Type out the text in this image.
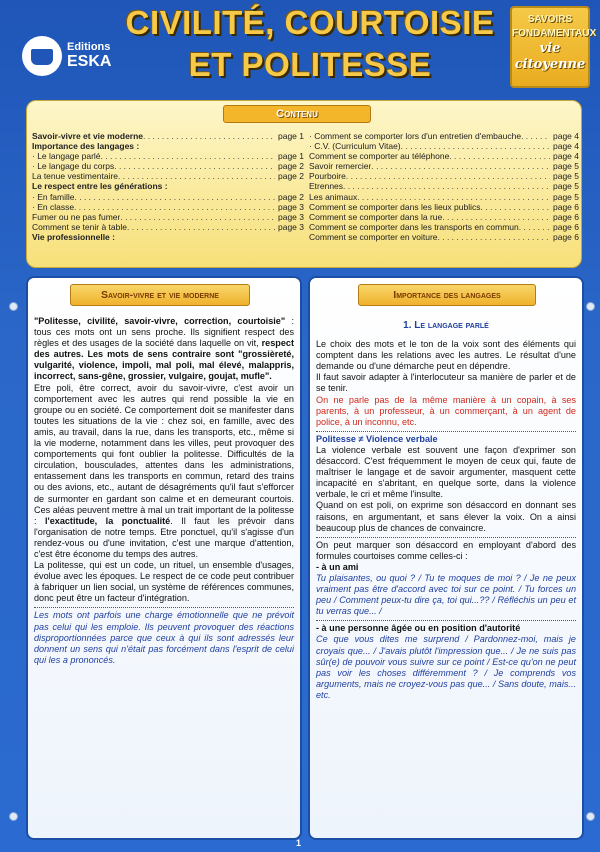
Editions
ESKA
CIVILITÉ, COURTOISIE
ET POLITESSE
SAVOIRS
FONDAMENTAUX
vie
citoyenne
Contenu
Savoir-vivre et vie moderne . . .	page 1
Importance des langages :
· Le langage parlé . . .	page 1
· Le langage du corps . . .	page 2
La tenue vestimentaire . . .	page 2
Le respect entre les générations :
· En famille . . .	page 2
· En classe . . .	page 3
Fumer ou ne pas fumer . . .	page 3
Comment se tenir à table . . .	page 3
Vie professionnelle :
· Comment se comporter lors d'un entretien d'embauche . . .	page 4
· C.V. (Curriculum Vitae) . . .	page 4
Comment se comporter au téléphone . . .	page 4
Savoir remercier . . .	page 5
Pourboire . . .	page 5
Etrennes . . .	page 5
Les animaux . . .	page 5
Comment se comporter dans les lieux publics . . .	page 6
Comment se comporter dans la rue . . .	page 6
Comment se comporter dans les transports en commun . . .	page 6
Comment se comporter en voiture . . .	page 6
Savoir-vivre et vie moderne

"Politesse, civilité, savoir-vivre, correction, courtoisie" : tous ces mots ont un sens proche. Ils signifient respect des règles et des usages de la société dans laquelle on vit, respect des autres. Les mots de sens contraire sont "grossièreté, vulgarité, violence, impoli, mal poli, mal élevé, malappris, incorrect, sans-gêne, grossier, vulgaire, goujat, mufle".

Etre poli, être correct, avoir du savoir-vivre, c'est avoir un comportement avec les autres qui rend possible la vie en groupe ou en société. Ce comportement doit se manifester dans toutes les situations de la vie : chez soi, en famille, avec des amis, au travail, dans la rue, dans les transports, etc., même si la vie moderne, notamment dans les villes, peut provoquer des comportements qui font oublier la politesse. Difficultés de la circulation, bousculades, attentes dans les administrations, entassement dans les transports en commun, retard des trains ou des avions, etc., autant de désagréments qu'il faut s'efforcer de surmonter en gardant son calme et en demeurant courtois. Ces aléas peuvent mettre à mal un trait important de la politesse : l'exactitude, la ponctualité. Il faut les prévoir dans l'organisation de notre temps. Etre ponctuel, qu'il s'agisse d'un rendez-vous ou d'une invitation, c'est une marque d'attention, c'est être économe du temps des autres.

La politesse, qui est un code, un rituel, un ensemble d'usages, évolue avec les époques. Le respect de ce code peut contribuer à fabriquer un lien social, un système de références communes, donc peut être un facteur d'intégration.

Les mots ont parfois une charge émotionnelle que ne prévoit pas celui qui les emploie. Ils peuvent provoquer des réactions disproportionnées parce que ceux à qui ils sont adressés leur donnent un sens qui n'était pas forcément dans l'esprit de celui qui les a prononcés.

Importance des langages

1. Le langage parlé

Le choix des mots et le ton de la voix sont des éléments qui comptent dans les relations avec les autres. Le résultat d'une demande ou d'une démarche peut en dépendre.

Il faut savoir adapter à l'interlocuteur sa manière de parler et de se tenir.

On ne parle pas de la même manière à un copain, à ses parents, à un professeur, à un commerçant, à un agent de police, à un inconnu, etc.

Politesse ≠ Violence verbale

La violence verbale est souvent une façon d'exprimer son désaccord. C'est fréquemment le moyen de ceux qui, faute de maîtriser le langage et de savoir argumenter, masquent cette incapacité en s'abritant, en quelque sorte, dans la violence verbale, le cri et même l'insulte.

Quand on est poli, on exprime son désaccord en donnant ses raisons, en argumentant, et sans élever la voix. On a ainsi beaucoup plus de chances de convaincre.

On peut marquer son désaccord en employant d'abord des formules courtoises comme celles-ci :

- à un ami

Tu plaisantes, ou quoi ? / Tu te moques de moi ? / Je ne peux vraiment pas être d'accord avec toi sur ce point. / Tu forces un peu / Comment peux-tu dire ça, toi qui...?? / Réfléchis un peu et tu verras que... /

- à une personne âgée ou en position d'autorité

Ce que vous dites me surprend / Pardonnez-moi, mais je croyais que... / J'avais plutôt l'impression que... / Je ne suis pas sûr(e) de pouvoir vous suivre sur ce point / Est-ce qu'on ne peut pas voir les choses différemment ? / Je comprends vos arguments, mais ne croyez-vous pas que... / Sans doute, mais... etc.

1
